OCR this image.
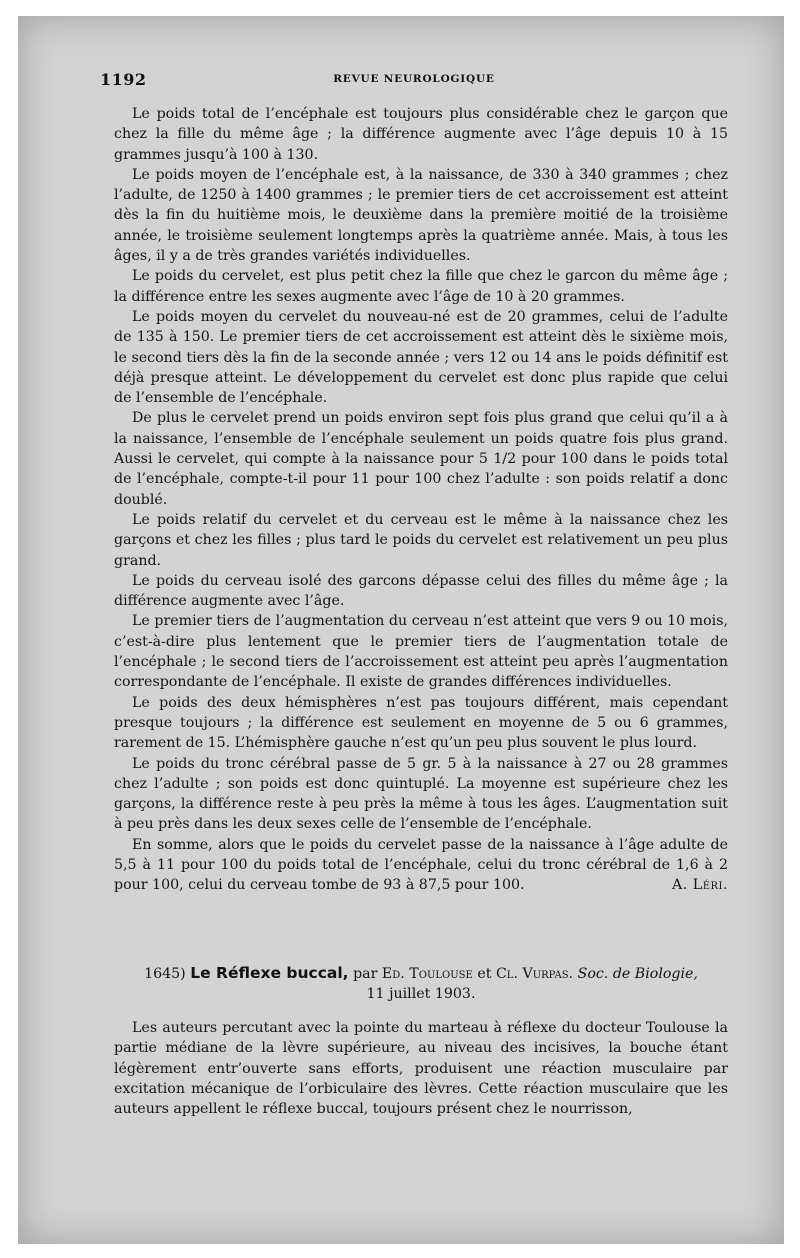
1192	REVUE NEUROLOGIQUE

Le poids total de l’encéphale est toujours plus considérable chez le garçon que chez la fille du même âge ; la différence augmente avec l’âge depuis 10 à 15 grammes jusqu’à 100 à 130.

Le poids moyen de l’encéphale est, à la naissance, de 330 à 340 grammes ; chez l’adulte, de 1250 à 1400 grammes ; le premier tiers de cet accroissement est atteint dès la fin du huitième mois, le deuxième dans la première moitié de la troisième année, le troisième seulement longtemps après la quatrième année. Mais, à tous les âges, il y a de très grandes variétés individuelles.

Le poids du cervelet, est plus petit chez la fille que chez le garcon du même âge ; la différence entre les sexes augmente avec l’âge de 10 à 20 grammes.

Le poids moyen du cervelet du nouveau-né est de 20 grammes, celui de l’adulte de 135 à 150. Le premier tiers de cet accroissement est atteint dès le sixième mois, le second tiers dès la fin de la seconde année ; vers 12 ou 14 ans le poids définitif est déjà presque atteint. Le développement du cervelet est donc plus rapide que celui de l’ensemble de l’encéphale.

De plus le cervelet prend un poids environ sept fois plus grand que celui qu’il a à la naissance, l’ensemble de l’encéphale seulement un poids quatre fois plus grand. Aussi le cervelet, qui compte à la naissance pour 5 1/2 pour 100 dans le poids total de l’encéphale, compte-t-il pour 11 pour 100 chez l’adulte : son poids relatif a donc doublé.

Le poids relatif du cervelet et du cerveau est le même à la naissance chez les garçons et chez les filles ; plus tard le poids du cervelet est relativement un peu plus grand.

Le poids du cerveau isolé des garcons dépasse celui des filles du même âge ; la différence augmente avec l’âge.

Le premier tiers de l’augmentation du cerveau n’est atteint que vers 9 ou 10 mois, c’est-à-dire plus lentement que le premier tiers de l’augmentation totale de l’encéphale ; le second tiers de l’accroissement est atteint peu après l’augmentation correspondante de l’encéphale. Il existe de grandes différences individuelles.

Le poids des deux hémisphères n’est pas toujours différent, mais cependant presque toujours ; la différence est seulement en moyenne de 5 ou 6 grammes, rarement de 15. L’hémisphère gauche n’est qu’un peu plus souvent le plus lourd.

Le poids du tronc cérébral passe de 5 gr. 5 à la naissance à 27 ou 28 grammes chez l’adulte ; son poids est donc quintuplé. La moyenne est supérieure chez les garçons, la différence reste à peu près la même à tous les âges. L’augmentation suit à peu près dans les deux sexes celle de l’ensemble de l’encéphale.

En somme, alors que le poids du cervelet passe de la naissance à l’âge adulte de 5,5 à 11 pour 100 du poids total de l’encéphale, celui du tronc cérébral de 1,6 à 2 pour 100, celui du cerveau tombe de 93 à 87,5 pour 100.	A. Léri.

1645) Le Réflexe buccal, par Ed. Toulouse et Cl. Vurpas. Soc. de Biologie,
11 juillet 1903.

Les auteurs percutant avec la pointe du marteau à réflexe du docteur Toulouse la partie médiane de la lèvre supérieure, au niveau des incisives, la bouche étant légèrement entr’ouverte sans efforts, produisent une réaction musculaire par excitation mécanique de l’orbiculaire des lèvres. Cette réaction musculaire que les auteurs appellent le réflexe buccal, toujours présent chez le nourrisson,
